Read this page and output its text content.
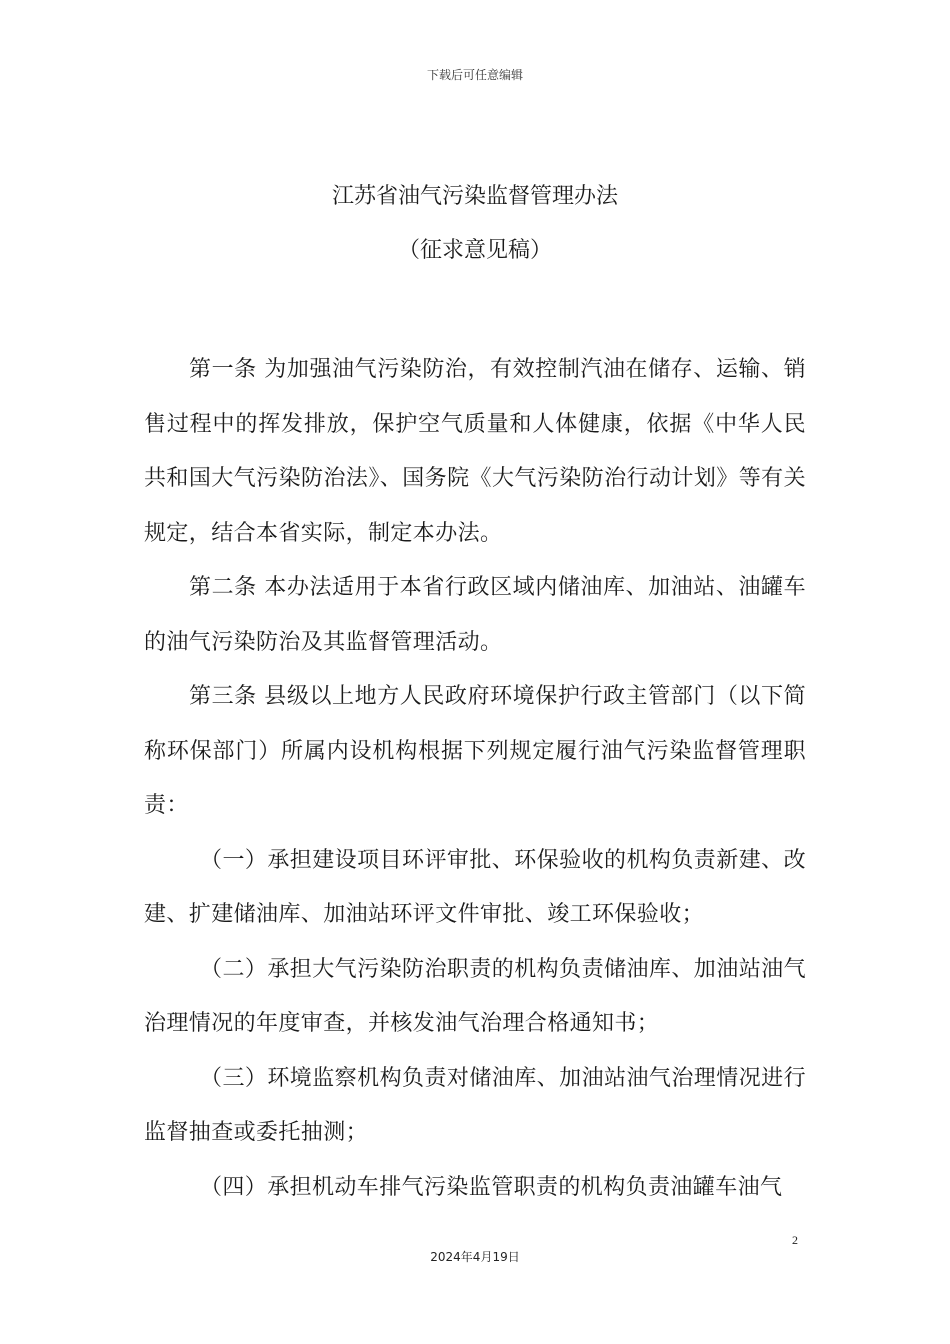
下载后可任意编辑
江苏省油气污染监督管理办法
（征求意见稿）

第一条 为加强油气污染防治，有效控制汽油在储存、运输、销售过程中的挥发排放，保护空气质量和人体健康，依据《中华人民共和国大气污染防治法》、国务院《大气污染防治行动计划》等有关规定，结合本省实际，制定本办法。

第二条 本办法适用于本省行政区域内储油库、加油站、油罐车的油气污染防治及其监督管理活动。

第三条 县级以上地方人民政府环境保护行政主管部门（以下简称环保部门）所属内设机构根据下列规定履行油气污染监督管理职责：

（一）承担建设项目环评审批、环保验收的机构负责新建、改建、扩建储油库、加油站环评文件审批、竣工环保验收；

（二）承担大气污染防治职责的机构负责储油库、加油站油气治理情况的年度审查，并核发油气治理合格通知书；

（三）环境监察机构负责对储油库、加油站油气治理情况进行监督抽查或委托抽测；

（四）承担机动车排气污染监管职责的机构负责油罐车油气

2
2024年4月19日
